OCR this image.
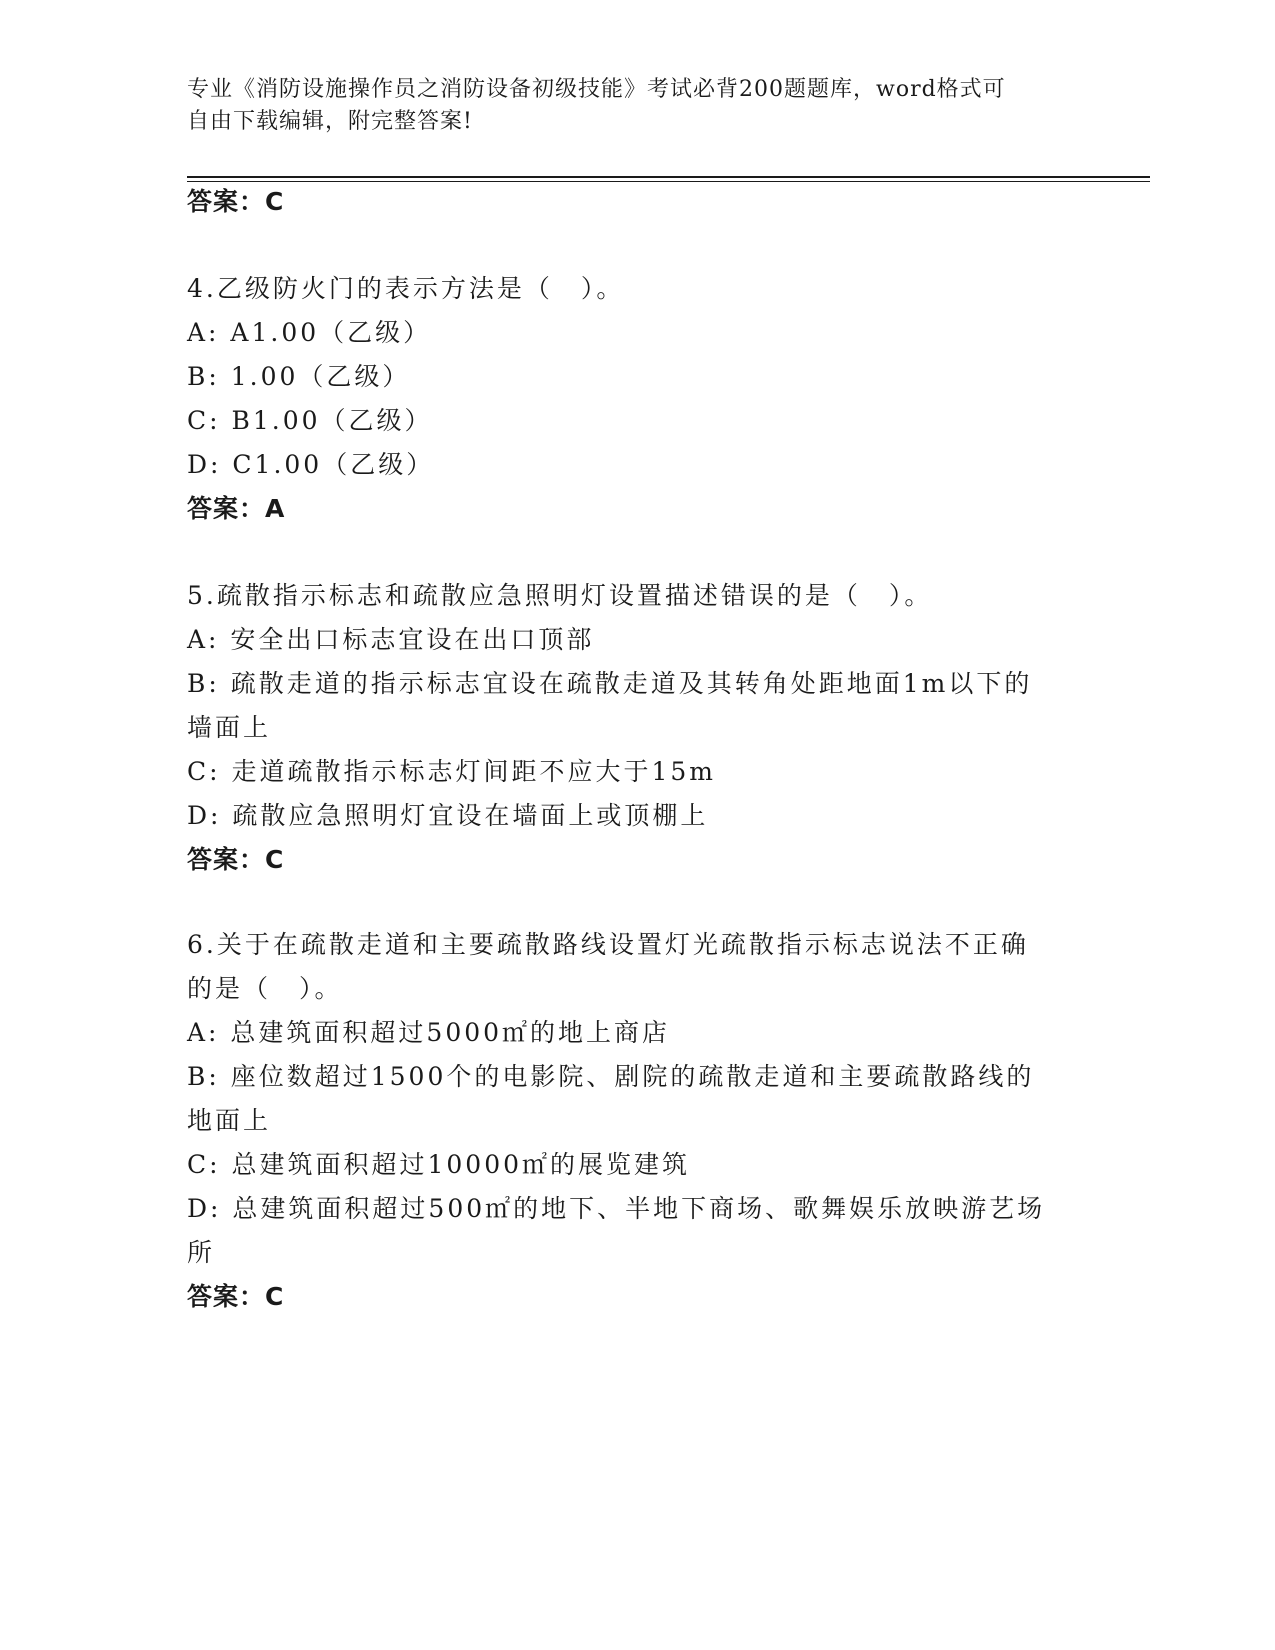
专业《消防设施操作员之消防设备初级技能》考试必背200题题库，word格式可
自由下载编辑，附完整答案!
答案：C
4.乙级防火门的表示方法是（　）。
A: A1.00（乙级）
B: 1.00（乙级）
C: B1.00（乙级）
D: C1.00（乙级）
答案：A
5.疏散指示标志和疏散应急照明灯设置描述错误的是（　）。
A: 安全出口标志宜设在出口顶部
B: 疏散走道的指示标志宜设在疏散走道及其转角处距地面1m以下的
墙面上
C: 走道疏散指示标志灯间距不应大于15m
D: 疏散应急照明灯宜设在墙面上或顶棚上
答案：C
6.关于在疏散走道和主要疏散路线设置灯光疏散指示标志说法不正确
的是（　）。
A: 总建筑面积超过5000㎡的地上商店
B: 座位数超过1500个的电影院、剧院的疏散走道和主要疏散路线的
地面上
C: 总建筑面积超过10000㎡的展览建筑
D: 总建筑面积超过500㎡的地下、半地下商场、歌舞娱乐放映游艺场
所
答案：C
